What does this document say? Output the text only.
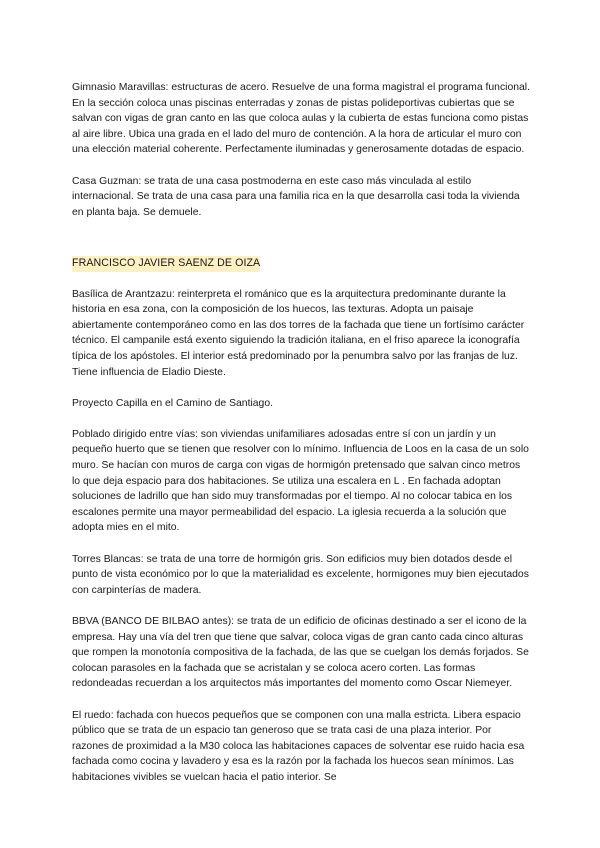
Gimnasio Maravillas: estructuras de acero. Resuelve de una forma magistral el programa funcional. En la sección coloca unas piscinas enterradas y zonas de pistas polideportivas cubiertas que se salvan con vigas de gran canto en las que coloca aulas y la cubierta de estas funciona como pistas al aire libre. Ubica una grada en el lado del muro de contención. A la hora de articular el muro con una elección material coherente. Perfectamente iluminadas y generosamente dotadas de espacio.

Casa Guzman: se trata de una casa postmoderna en este caso más vinculada al estilo internacional. Se trata de una casa para una familia rica en la que desarrolla casi toda la vivienda en planta baja. Se demuele.

FRANCISCO JAVIER SAENZ DE OIZA

Basílica de Arantzazu: reinterpreta el románico que es la arquitectura predominante durante la historia en esa zona, con la composición de los huecos, las texturas. Adopta un paisaje abiertamente contemporáneo como en las dos torres de la fachada que tiene un fortísimo carácter técnico. El campanile está exento siguiendo la tradición italiana, en el friso aparece la iconografía típica de los apóstoles. El interior está predominado por la penumbra salvo por las franjas de luz. Tiene influencia de Eladio Dieste.

Proyecto Capilla en el Camino de Santiago.

Poblado dirigido entre vías: son viviendas unifamiliares adosadas entre sí con un jardín y un pequeño huerto que se tienen que resolver con lo mínimo. Influencia de Loos en la casa de un solo muro. Se hacían con muros de carga con vigas de hormigón pretensado que salvan cinco metros lo que deja espacio para dos habitaciones. Se utiliza una escalera en L . En fachada adoptan soluciones de ladrillo que han sido muy transformadas por el tiempo. Al no colocar tabica en los escalones permite una mayor permeabilidad del espacio. La iglesia recuerda a la solución que adopta mies en el mito.

Torres Blancas: se trata de una torre de hormigón gris. Son edificios muy bien dotados desde el punto de vista económico por lo que la materialidad es excelente, hormigones muy bien ejecutados con carpinterías de madera.

BBVA (BANCO DE BILBAO antes): se trata de un edificio de oficinas destinado a ser el icono de la empresa. Hay una vía del tren que tiene que salvar, coloca vigas de gran canto cada cinco alturas que rompen la monotonía compositiva de la fachada, de las que se cuelgan los demás forjados. Se colocan parasoles en la fachada que se acristalan y se coloca acero corten. Las formas redondeadas recuerdan a los arquitectos más importantes del momento como Oscar Niemeyer.

El ruedo: fachada con huecos pequeños que se componen con una malla estricta. Libera espacio público que se trata de un espacio tan generoso que se trata casi de una plaza interior. Por razones de proximidad a la M30 coloca las habitaciones capaces de solventar ese ruido hacia esa fachada como cocina y lavadero y esa es la razón por la fachada los huecos sean mínimos. Las habitaciones vivibles se vuelcan hacia el patio interior. Se
